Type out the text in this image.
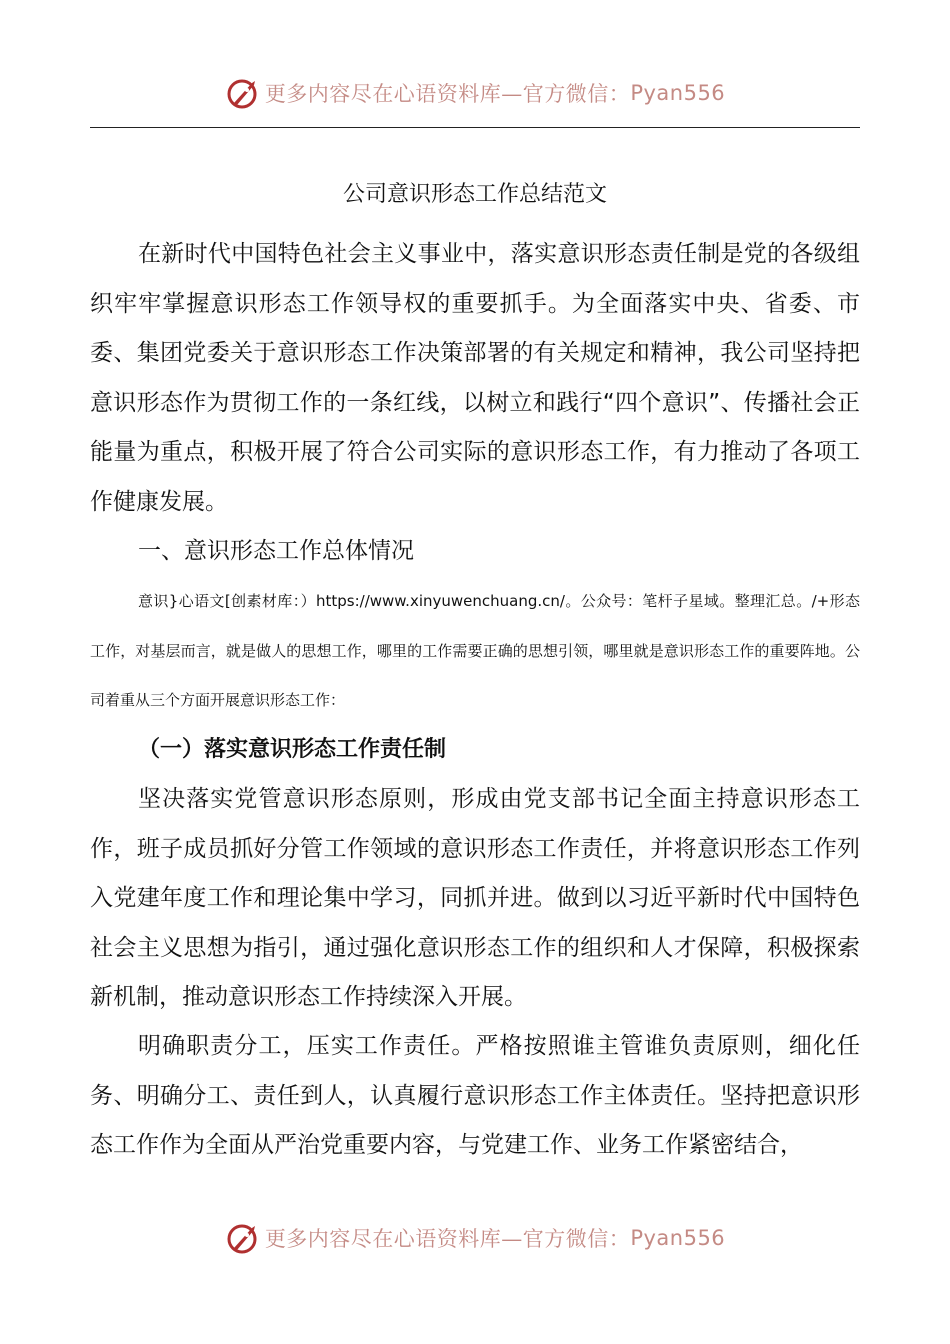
更多内容尽在心语资料库—官方微信： Pyan556
公司意识形态工作总结范文
在新时代中国特色社会主义事业中，落实意识形态责任制是党的各级组织牢牢掌握意识形态工作领导权的重要抓手。为全面落实中央、省委、市委、集团党委关于意识形态工作决策部署的有关规定和精神，我公司坚持把意识形态作为贯彻工作的一条红线，以树立和践行“四个意识”、传播社会正能量为重点，积极开展了符合公司实际的意识形态工作，有力推动了各项工作健康发展。
一、意识形态工作总体情况
意识}心语文[创素材库：）https://www.xinyuwenchuang.cn/。公众号：笔杆子星域。整理汇总。/+形态工作，对基层而言，就是做人的思想工作，哪里的工作需要正确的思想引领，哪里就是意识形态工作的重要阵地。公司着重从三个方面开展意识形态工作：
（一）落实意识形态工作责任制
坚决落实党管意识形态原则，形成由党支部书记全面主持意识形态工作，班子成员抓好分管工作领域的意识形态工作责任，并将意识形态工作列入党建年度工作和理论集中学习，同抓并进。做到以习近平新时代中国特色社会主义思想为指引，通过强化意识形态工作的组织和人才保障，积极探索新机制，推动意识形态工作持续深入开展。
明确职责分工，压实工作责任。严格按照谁主管谁负责原则，细化任务、明确分工、责任到人，认真履行意识形态工作主体责任。坚持把意识形态工作作为全面从严治党重要内容，与党建工作、业务工作紧密结合，
更多内容尽在心语资料库—官方微信： Pyan556
